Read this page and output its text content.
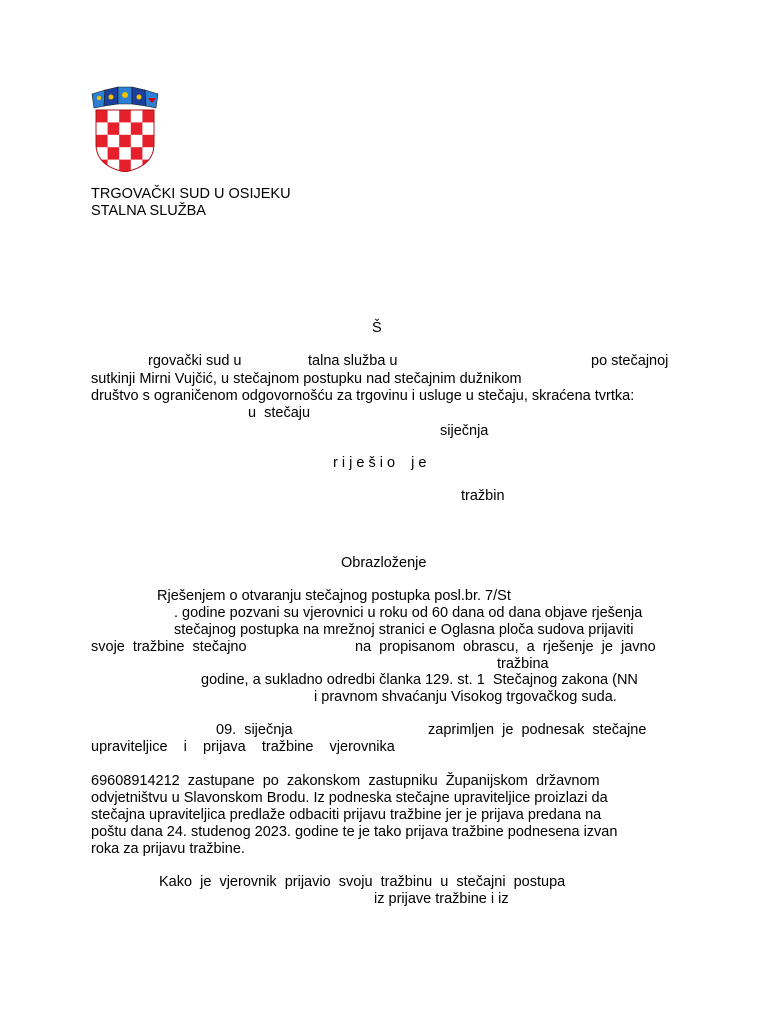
TRGOVAČKI SUD U OSIJEKU
STALNA SLUŽBA
Š
rgovački sud u	talna služba u	po stečajnoj
sutkinji Mirni Vujčić, u stečajnom postupku nad stečajnim dužnikom
društvo s ograničenom odgovornošću za trgovinu i usluge u stečaju, skraćena tvrtka:
u  stečaju
siječnja
r i j e š i o    j e
tražbin
Obrazloženje
Rješenjem o otvaranju stečajnog postupka posl.br. 7/St
. godine pozvani su vjerovnici u roku od 60 dana od dana objave rješenja
stečajnog postupka na mrežnoj stranici e Oglasna ploča sudova prijaviti
svoje  tražbine  stečajno	na  propisanom  obrascu,  a  rješenje  je  javno
tražbina
godine, a sukladno odredbi članka 129. st. 1  Stečajnog zakona (NN
i pravnom shvaćanju Visokog trgovačkog suda.
09.  siječnja	zaprimljen  je  podnesak  stečajne
upraviteljice    i    prijava    tražbine    vjerovnika
69608914212  zastupane  po  zakonskom  zastupniku  Županijskom  državnom
odvjetništvu u Slavonskom Brodu. Iz podneska stečajne upraviteljice proizlazi da
stečajna upraviteljica predlaže odbaciti prijavu tražbine jer je prijava predana na
poštu dana 24. studenog 2023. godine te je tako prijava tražbine podnesena izvan
roka za prijavu tražbine.
Kako  je  vjerovnik  prijavio  svoju  tražbinu  u  stečajni  postupa
iz prijave tražbine i iz
